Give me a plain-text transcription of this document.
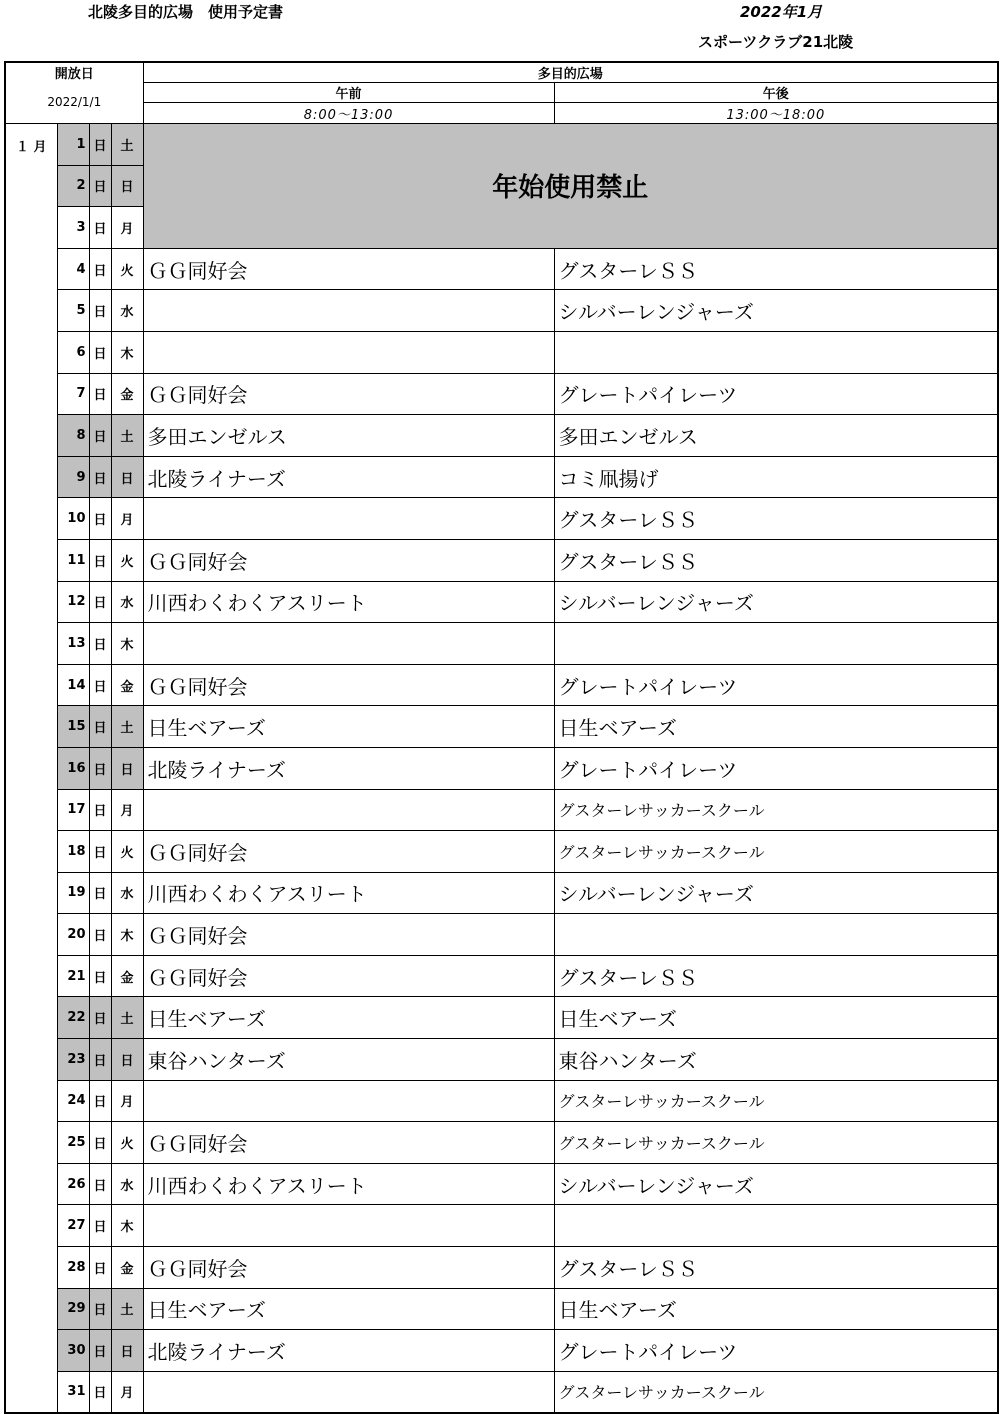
北陵多目的広場　使用予定書	2022年1月
スポーツクラブ21北陵
開放日
2022/1/1				多目的広場	
				午前	午後
				8:00～13:00	13:00～18:00
１ 月	1	日	土	年始使用禁止	
	2	日	日		
	3	日	月		
	4	日	火	ＧＧ同好会	グスターレＳＳ
	5	日	水		シルバーレンジャーズ
	6	日	木		
	7	日	金	ＧＧ同好会	グレートパイレーツ
	8	日	土	多田エンゼルス	多田エンゼルス
	9	日	日	北陵ライナーズ	コミ凧揚げ
	10	日	月		グスターレＳＳ
	11	日	火	ＧＧ同好会	グスターレＳＳ
	12	日	水	川西わくわくアスリート	シルバーレンジャーズ
	13	日	木		
	14	日	金	ＧＧ同好会	グレートパイレーツ
	15	日	土	日生ベアーズ	日生ベアーズ
	16	日	日	北陵ライナーズ	グレートパイレーツ
	17	日	月		グスターレサッカースクール
	18	日	火	ＧＧ同好会	グスターレサッカースクール
	19	日	水	川西わくわくアスリート	シルバーレンジャーズ
	20	日	木	ＧＧ同好会	
	21	日	金	ＧＧ同好会	グスターレＳＳ
	22	日	土	日生ベアーズ	日生ベアーズ
	23	日	日	東谷ハンターズ	東谷ハンターズ
	24	日	月		グスターレサッカースクール
	25	日	火	ＧＧ同好会	グスターレサッカースクール
	26	日	水	川西わくわくアスリート	シルバーレンジャーズ
	27	日	木		
	28	日	金	ＧＧ同好会	グスターレＳＳ
	29	日	土	日生ベアーズ	日生ベアーズ
	30	日	日	北陵ライナーズ	グレートパイレーツ
	31	日	月		グスターレサッカースクール
